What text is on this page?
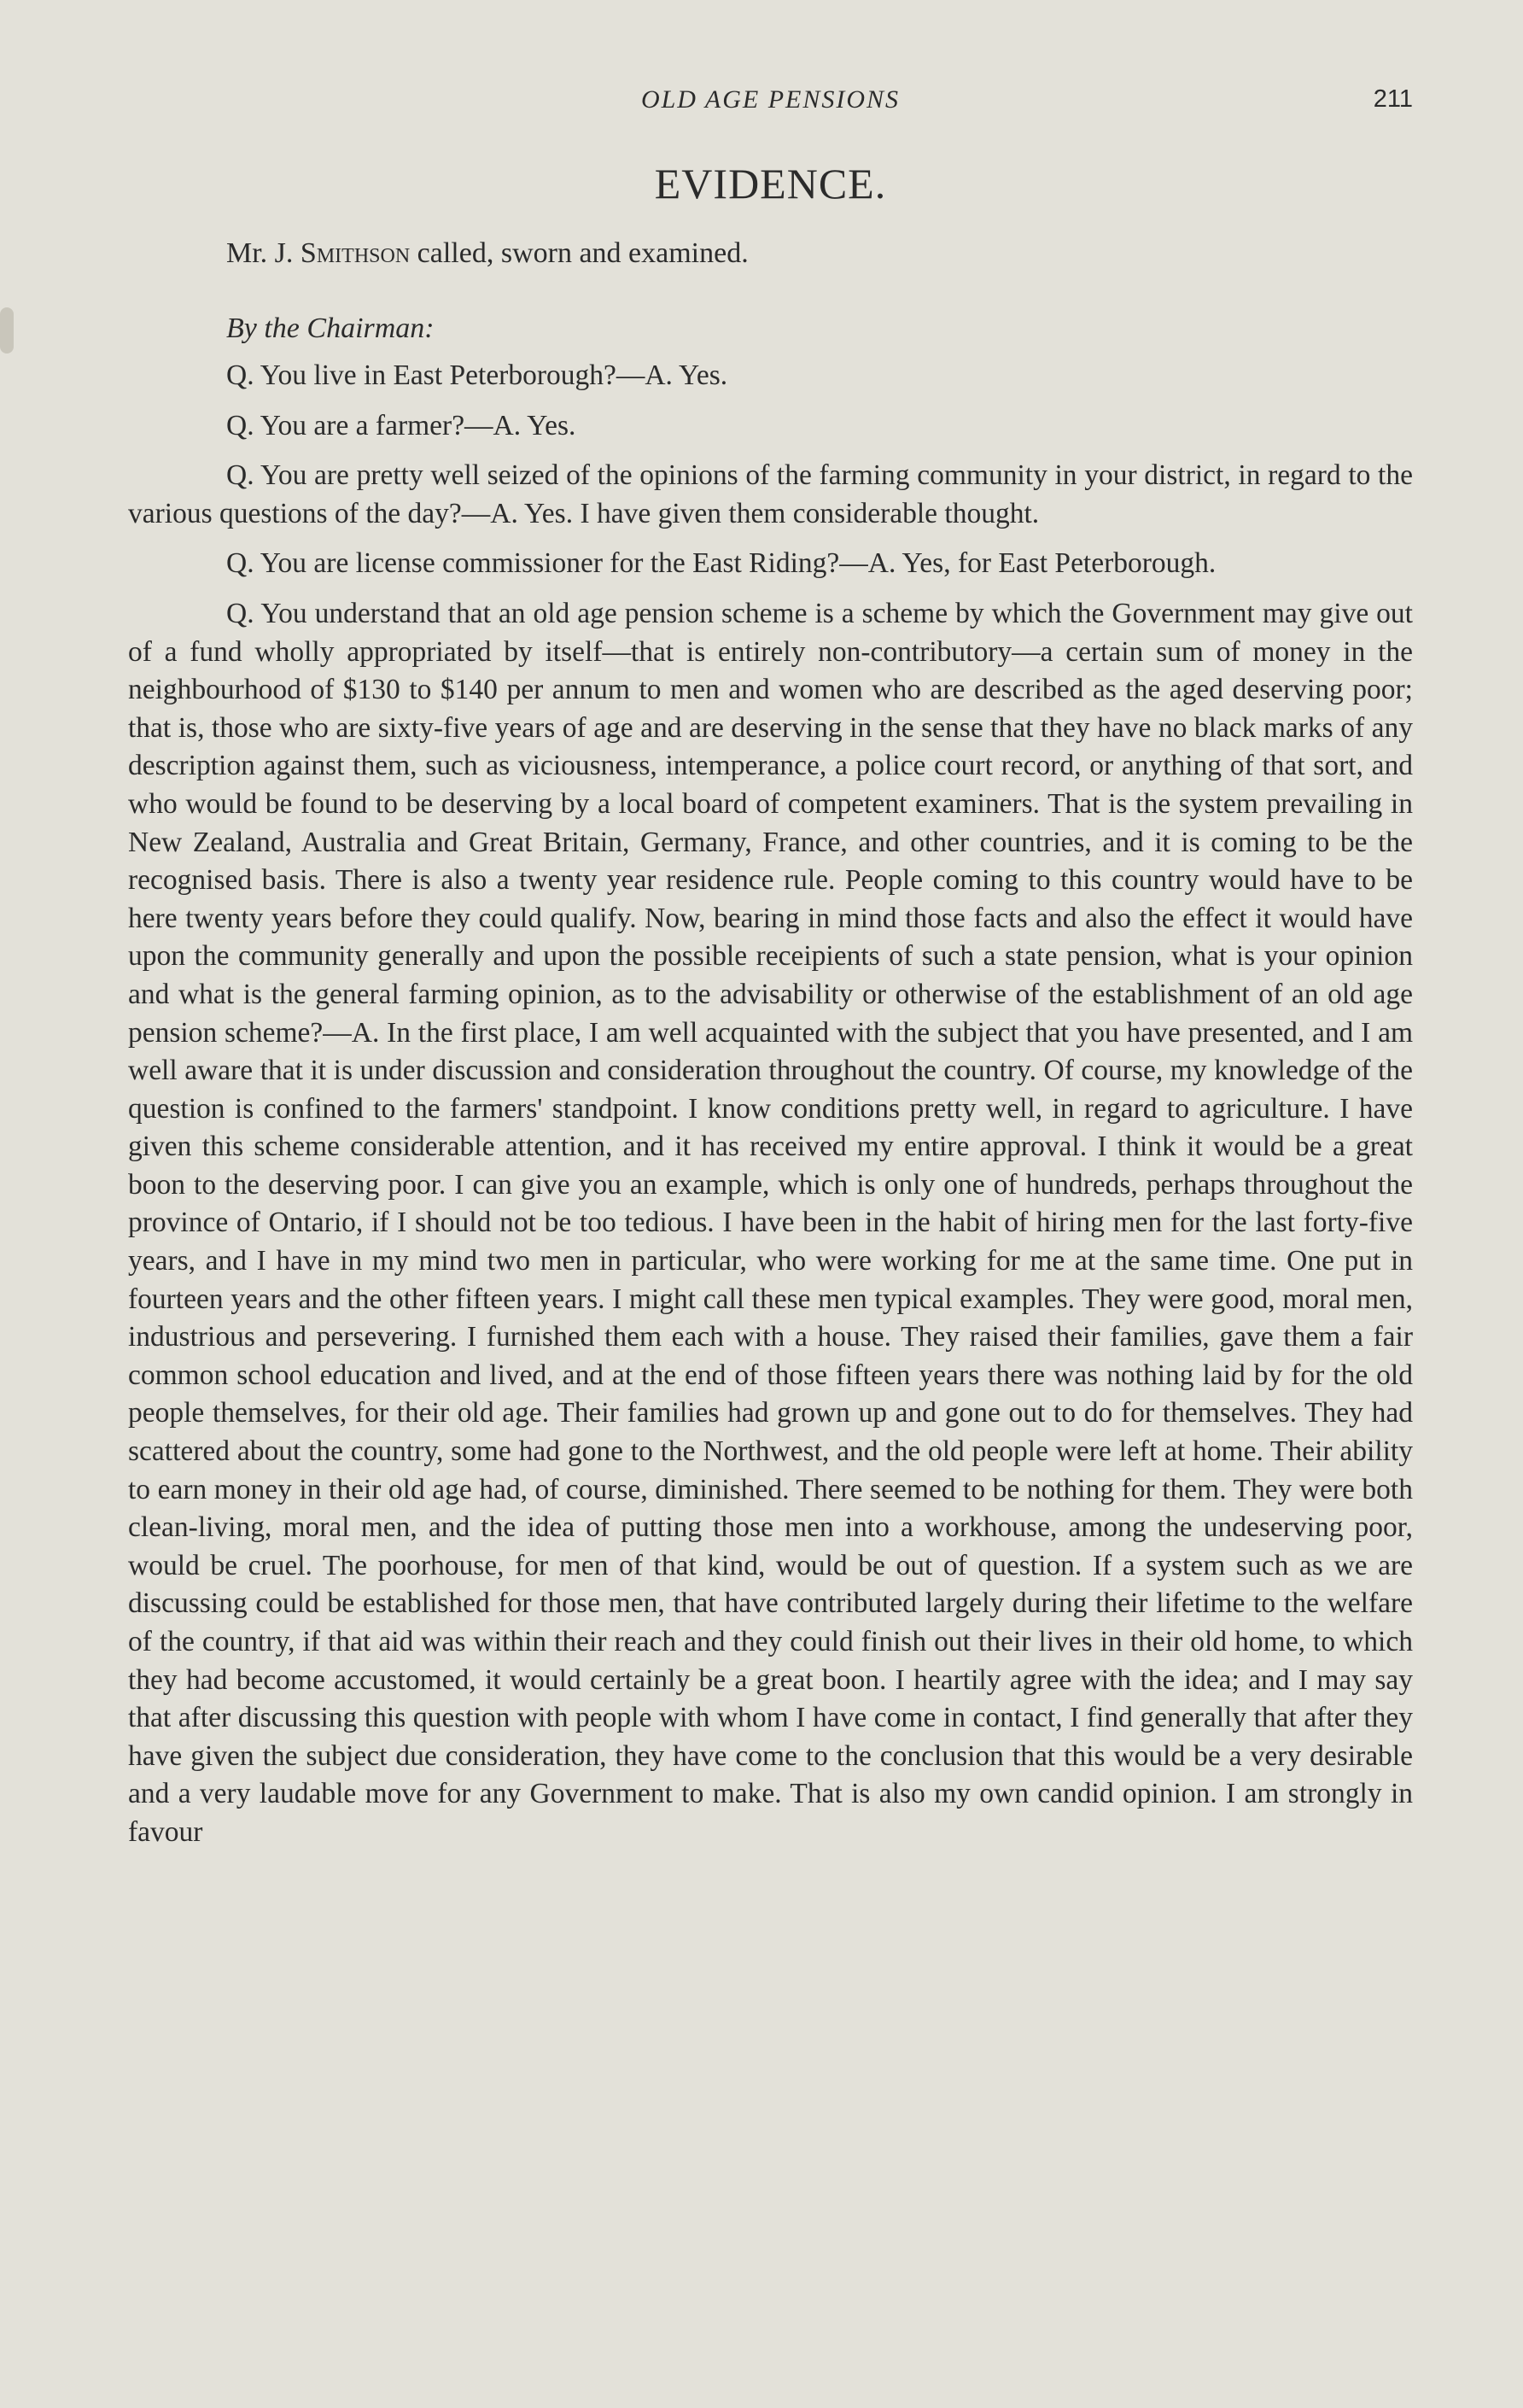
OLD AGE PENSIONS	211
EVIDENCE.
Mr. J. Smithson called, sworn and examined.
By the Chairman:

Q. You live in East Peterborough?—A. Yes.

Q. You are a farmer?—A. Yes.

Q. You are pretty well seized of the opinions of the farming community in your district, in regard to the various questions of the day?—A. Yes. I have given them considerable thought.

Q. You are license commissioner for the East Riding?—A. Yes, for East Peterborough.

Q. You understand that an old age pension scheme is a scheme by which the Government may give out of a fund wholly appropriated by itself—that is entirely non-contributory—a certain sum of money in the neighbourhood of $130 to $140 per annum to men and women who are described as the aged deserving poor; that is, those who are sixty-five years of age and are deserving in the sense that they have no black marks of any description against them, such as viciousness, intemperance, a police court record, or anything of that sort, and who would be found to be deserving by a local board of competent examiners. That is the system prevailing in New Zealand, Australia and Great Britain, Germany, France, and other countries, and it is coming to be the recognised basis. There is also a twenty year residence rule. People coming to this country would have to be here twenty years before they could qualify. Now, bearing in mind those facts and also the effect it would have upon the community generally and upon the possible receipients of such a state pension, what is your opinion and what is the general farming opinion, as to the advisability or otherwise of the establishment of an old age pension scheme?—A. In the first place, I am well acquainted with the subject that you have presented, and I am well aware that it is under discussion and consideration throughout the country. Of course, my knowledge of the question is confined to the farmers' standpoint. I know conditions pretty well, in regard to agriculture. I have given this scheme considerable attention, and it has received my entire approval. I think it would be a great boon to the deserving poor. I can give you an example, which is only one of hundreds, perhaps throughout the province of Ontario, if I should not be too tedious. I have been in the habit of hiring men for the last forty-five years, and I have in my mind two men in particular, who were working for me at the same time. One put in fourteen years and the other fifteen years. I might call these men typical examples. They were good, moral men, industrious and persevering. I furnished them each with a house. They raised their families, gave them a fair common school education and lived, and at the end of those fifteen years there was nothing laid by for the old people themselves, for their old age. Their families had grown up and gone out to do for themselves. They had scattered about the country, some had gone to the Northwest, and the old people were left at home. Their ability to earn money in their old age had, of course, diminished. There seemed to be nothing for them. They were both clean-living, moral men, and the idea of putting those men into a workhouse, among the undeserving poor, would be cruel. The poorhouse, for men of that kind, would be out of question. If a system such as we are discussing could be established for those men, that have contributed largely during their lifetime to the welfare of the country, if that aid was within their reach and they could finish out their lives in their old home, to which they had become accustomed, it would certainly be a great boon. I heartily agree with the idea; and I may say that after discussing this question with people with whom I have come in contact, I find generally that after they have given the subject due consideration, they have come to the conclusion that this would be a very desirable and a very laudable move for any Government to make. That is also my own candid opinion. I am strongly in favour
